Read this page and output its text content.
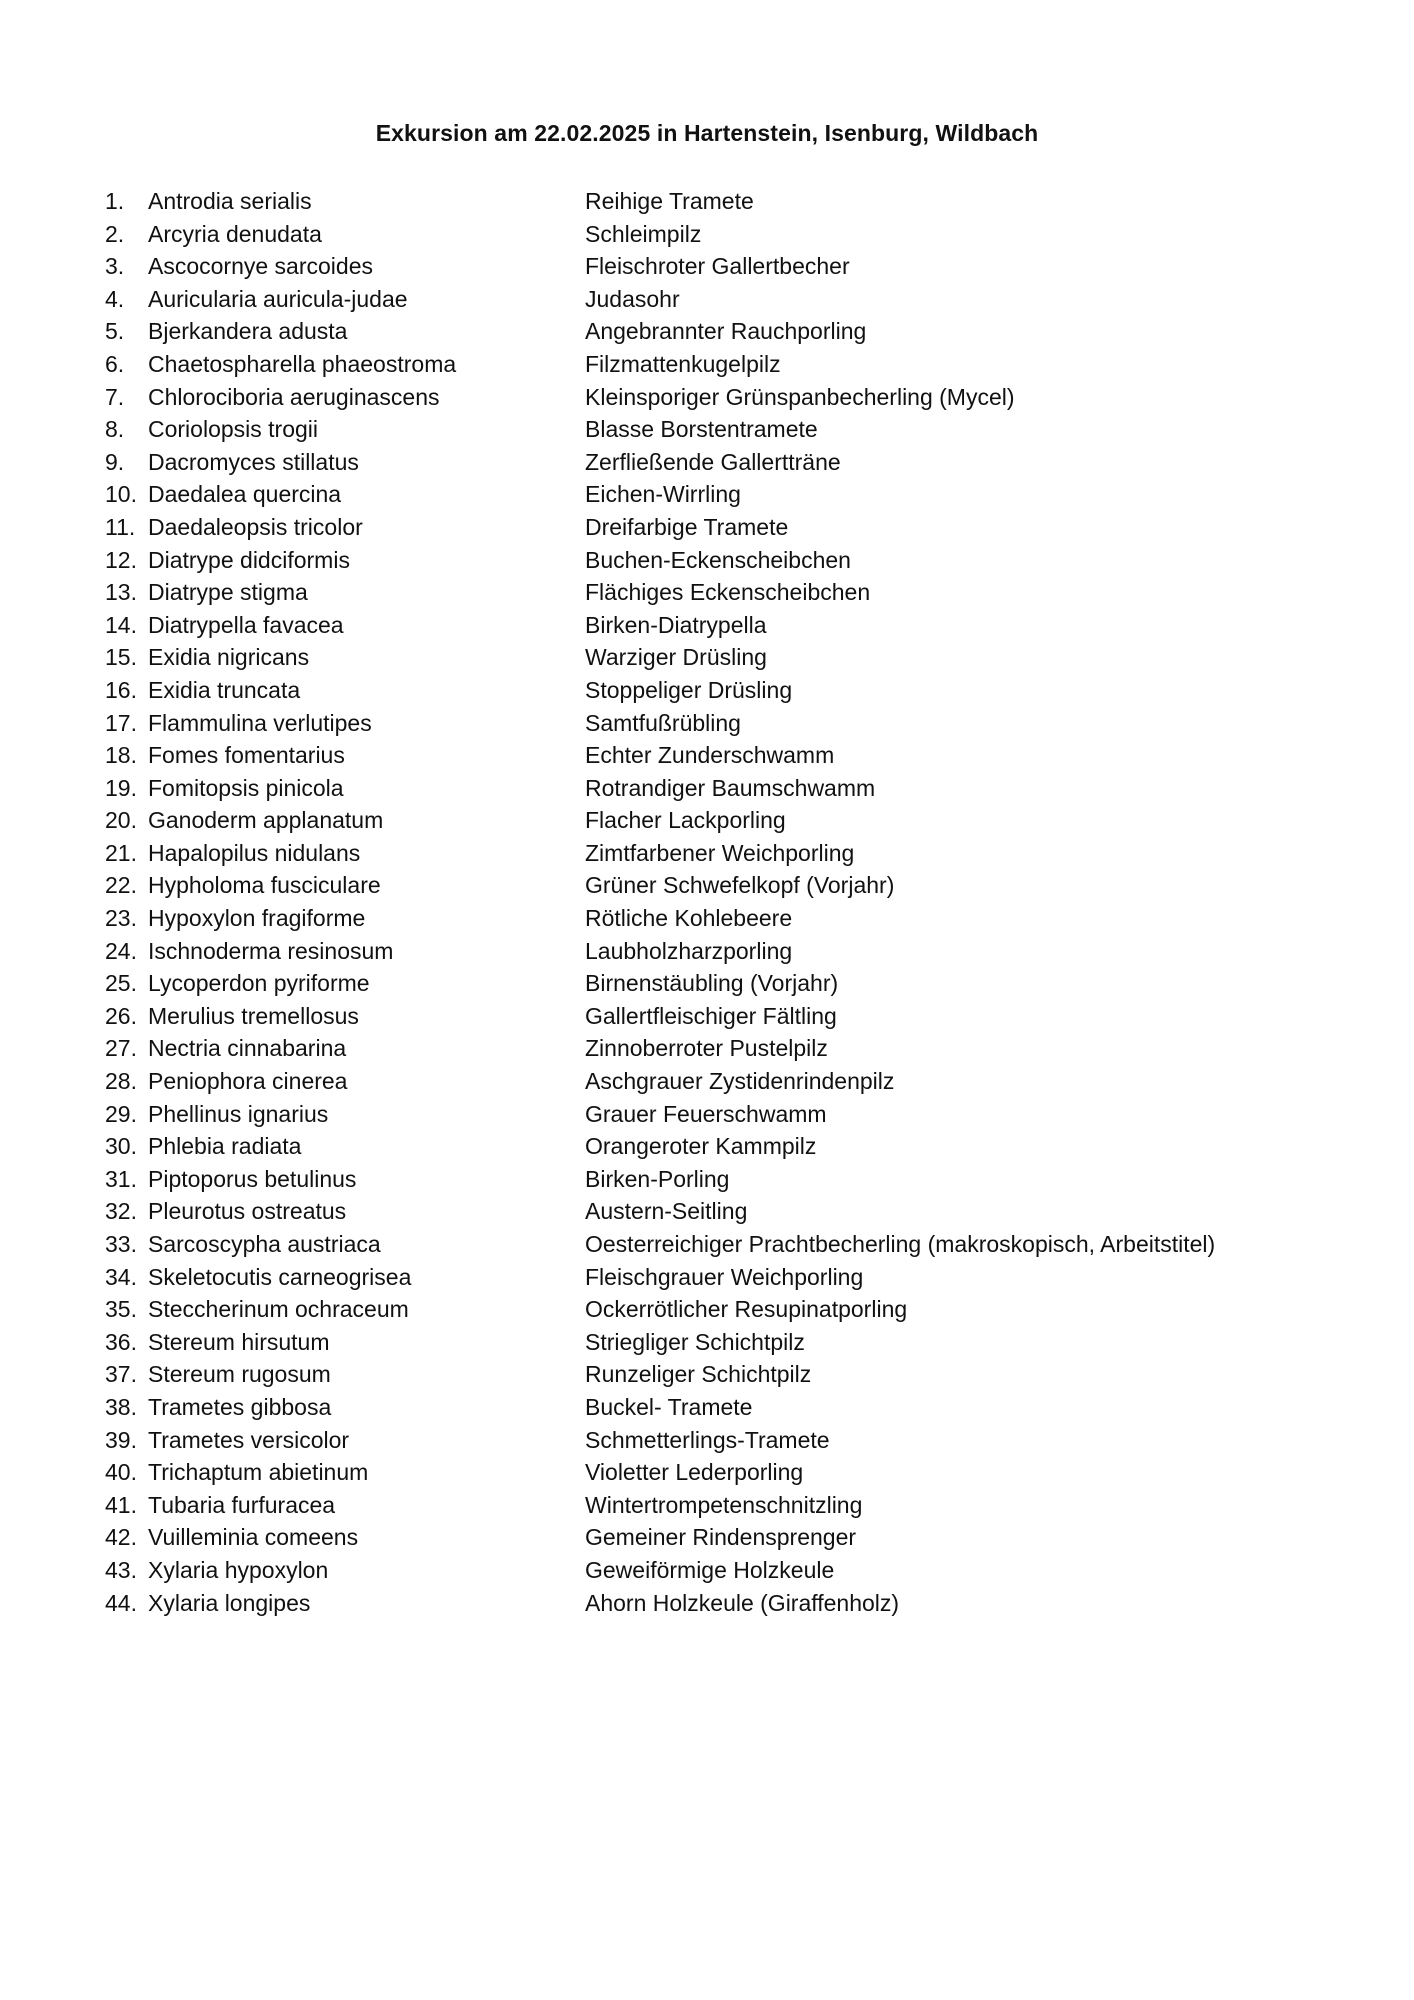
Exkursion am 22.02.2025 in Hartenstein, Isenburg, Wildbach
1.	Antrodia serialis	Reihige Tramete
2.	Arcyria denudata	Schleimpilz
3.	Ascocornye sarcoides	Fleischroter Gallertbecher
4.	Auricularia auricula-judae	Judasohr
5.	Bjerkandera adusta	Angebrannter Rauchporling
6.	Chaetospharella phaeostroma	Filzmattenkugelpilz
7.	Chlorociboria aeruginascens	Kleinsporiger Grünspanbecherling (Mycel)
8.	Coriolopsis trogii	Blasse Borstentramete
9.	Dacromyces stillatus	Zerfließende Gallertträne
10. Daedalea quercina	Eichen-Wirrling
11. Daedaleopsis tricolor	Dreifarbige Tramete
12. Diatrype didciformis	Buchen-Eckenscheibchen
13. Diatrype stigma	Flächiges Eckenscheibchen
14. Diatrypella favacea	Birken-Diatrypella
15. Exidia nigricans	Warziger Drüsling
16. Exidia truncata	Stoppeliger Drüsling
17. Flammulina verlutipes	Samtfußrübling
18. Fomes fomentarius	Echter Zunderschwamm
19. Fomitopsis pinicola	Rotrandiger Baumschwamm
20. Ganoderm applanatum	Flacher Lackporling
21. Hapalopilus nidulans	Zimtfarbener Weichporling
22. Hypholoma fusciculare	Grüner Schwefelkopf (Vorjahr)
23. Hypoxylon fragiforme	Rötliche Kohlebeere
24. Ischnoderma resinosum	Laubholzharzporling
25. Lycoperdon pyriforme	Birnenstäubling (Vorjahr)
26. Merulius tremellosus	Gallertfleischiger Fältling
27. Nectria cinnabarina	Zinnoberroter Pustelpilz
28. Peniophora cinerea	Aschgrauer Zystidenrindenpilz
29. Phellinus ignarius	Grauer Feuerschwamm
30. Phlebia radiata	Orangeroter Kammpilz
31. Piptoporus betulinus	Birken-Porling
32. Pleurotus ostreatus	Austern-Seitling
33. Sarcoscypha austriaca	Oesterreichiger Prachtbecherling (makroskopisch, Arbeitstitel)
34. Skeletocutis carneogrisea	Fleischgrauer Weichporling
35. Steccherinum ochraceum	Ockerrötlicher Resupinatporling
36. Stereum hirsutum	Striegliger Schichtpilz
37. Stereum rugosum	Runzeliger Schichtpilz
38. Trametes gibbosa	Buckel- Tramete
39. Trametes versicolor	Schmetterlings-Tramete
40. Trichaptum abietinum	Violetter Lederporling
41. Tubaria furfuracea	Wintertrompetenschnitzling
42. Vuilleminia comeens	Gemeiner Rindensprenger
43. Xylaria hypoxylon	Geweiförmige Holzkeule
44. Xylaria longipes	Ahorn Holzkeule (Giraffenholz)
